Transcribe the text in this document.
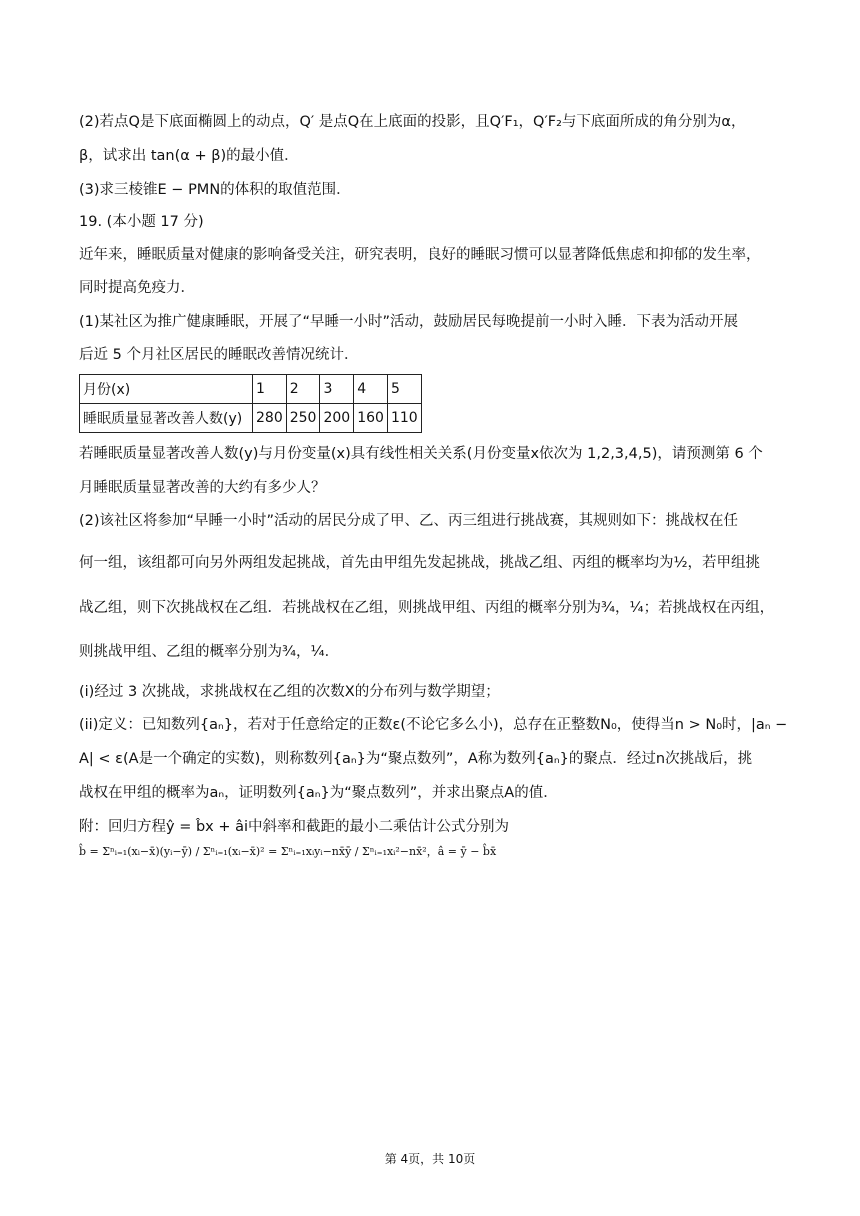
(2)若点Q是下底面椭圆上的动点，Q′ 是点Q在上底面的投影，且Q′F₁，Q′F₂与下底面所成的角分别为α，
β，试求出 tan(α + β)的最小值．
(3)求三棱锥E − PMN的体积的取值范围．
19. (本小题 17 分)
近年来，睡眠质量对健康的影响备受关注，研究表明，良好的睡眠习惯可以显著降低焦虑和抑郁的发生率，
同时提高免疫力．
(1)某社区为推广健康睡眠，开展了“早睡一小时”活动，鼓励居民每晚提前一小时入睡．下表为活动开展
后近 5 个月社区居民的睡眠改善情况统计．
月份(x)	1	2	3	4	5
睡眠质量显著改善人数(y)	280	250	200	160	110
若睡眠质量显著改善人数(y)与月份变量(x)具有线性相关关系(月份变量x依次为 1,2,3,4,5)，请预测第 6 个
月睡眠质量显著改善的大约有多少人？
(2)该社区将参加“早睡一小时”活动的居民分成了甲、乙、丙三组进行挑战赛，其规则如下：挑战权在任
何一组，该组都可向另外两组发起挑战，首先由甲组先发起挑战，挑战乙组、丙组的概率均为½，若甲组挑
战乙组，则下次挑战权在乙组．若挑战权在乙组，则挑战甲组、丙组的概率分别为¾，¼；若挑战权在丙组，
则挑战甲组、乙组的概率分别为¾，¼．
(i)经过 3 次挑战，求挑战权在乙组的次数X的分布列与数学期望；
(ii)定义：已知数列{aₙ}，若对于任意给定的正数ε(不论它多么小)，总存在正整数N₀，使得当n > N₀时，|aₙ −
A| < ε(A是一个确定的实数)，则称数列{aₙ}为“聚点数列”，A称为数列{aₙ}的聚点．经过n次挑战后，挑
战权在甲组的概率为aₙ，证明数列{aₙ}为“聚点数列”，并求出聚点A的值．
附：回归方程ŷ = b̂x + âi中斜率和截距的最小二乘估计公式分别为
b̂ = Σⁿᵢ₌₁(xᵢ−x̄)(yᵢ−ȳ) / Σⁿᵢ₌₁(xᵢ−x̄)² = Σⁿᵢ₌₁xᵢyᵢ−nx̄ȳ / Σⁿᵢ₌₁xᵢ²−nx̄²，â = ȳ − b̂x̄
第 4页，共 10页
